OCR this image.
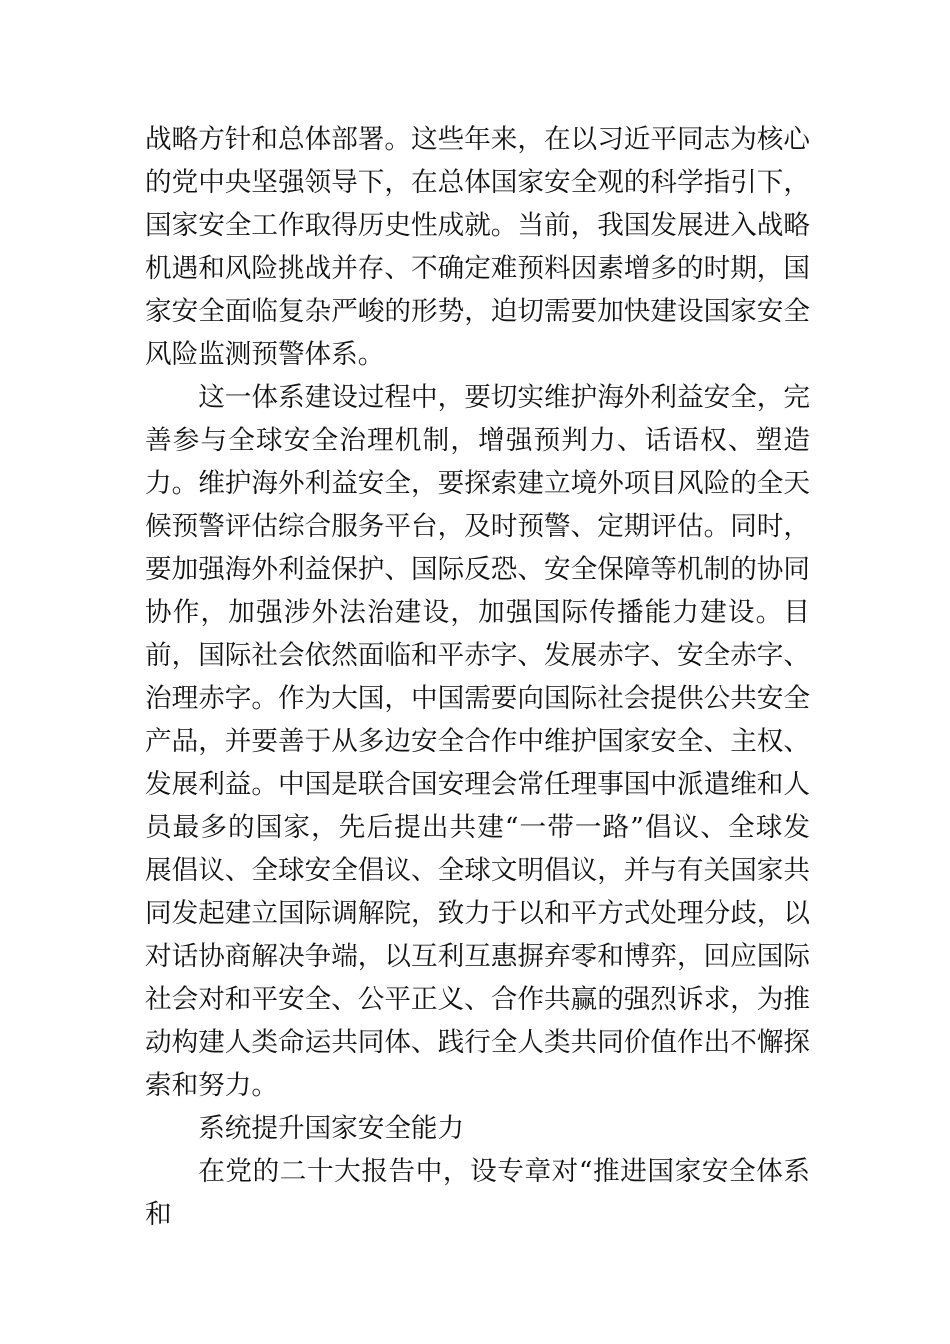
战略方针和总体部署。这些年来，在以习近平同志为核心的党中央坚强领导下，在总体国家安全观的科学指引下，国家安全工作取得历史性成就。当前，我国发展进入战略机遇和风险挑战并存、不确定难预料因素增多的时期，国家安全面临复杂严峻的形势，迫切需要加快建设国家安全风险监测预警体系。

这一体系建设过程中，要切实维护海外利益安全，完善参与全球安全治理机制，增强预判力、话语权、塑造力。维护海外利益安全，要探索建立境外项目风险的全天候预警评估综合服务平台，及时预警、定期评估。同时，要加强海外利益保护、国际反恐、安全保障等机制的协同协作，加强涉外法治建设，加强国际传播能力建设。目前，国际社会依然面临和平赤字、发展赤字、安全赤字、治理赤字。作为大国，中国需要向国际社会提供公共安全产品，并要善于从多边安全合作中维护国家安全、主权、发展利益。中国是联合国安理会常任理事国中派遣维和人员最多的国家，先后提出共建“一带一路”倡议、全球发展倡议、全球安全倡议、全球文明倡议，并与有关国家共同发起建立国际调解院，致力于以和平方式处理分歧，以对话协商解决争端，以互利互惠摒弃零和博弈，回应国际社会对和平安全、公平正义、合作共赢的强烈诉求，为推动构建人类命运共同体、践行全人类共同价值作出不懈探索和努力。

系统提升国家安全能力

在党的二十大报告中，设专章对“推进国家安全体系和
